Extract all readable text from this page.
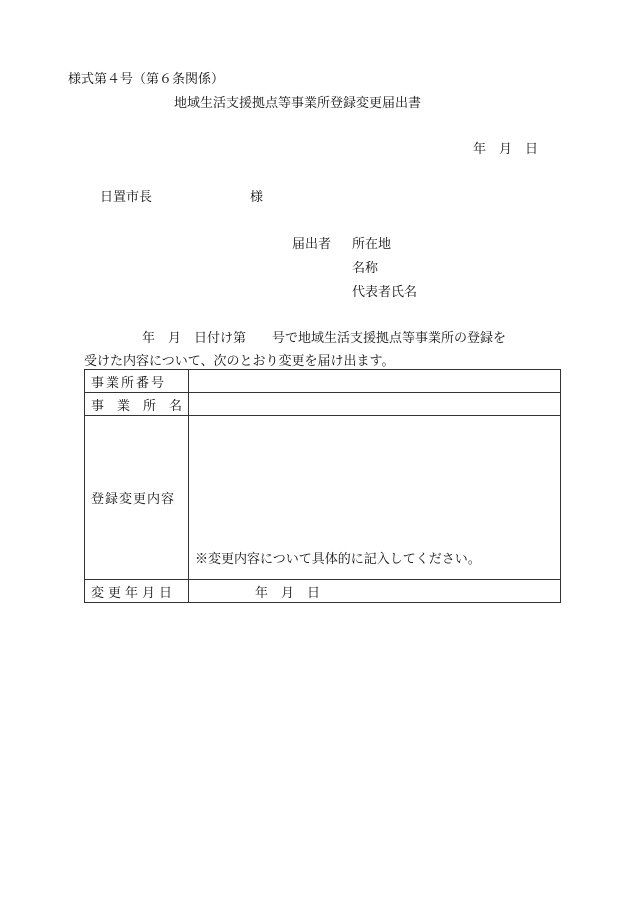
様式第４号（第６条関係）
地域生活支援拠点等事業所登録変更届出書
年　月　日
日置市長	様
届出者 所在地
名称
代表者氏名
年　月　日付け第　　号で地域生活支援拠点等事業所の登録を
受けた内容について、次のとおり変更を届け出ます。
事業所番号	
事　業　所　名	
登録変更内容	※変更内容について具体的に記入してください。

変更年月日	年　月　日
